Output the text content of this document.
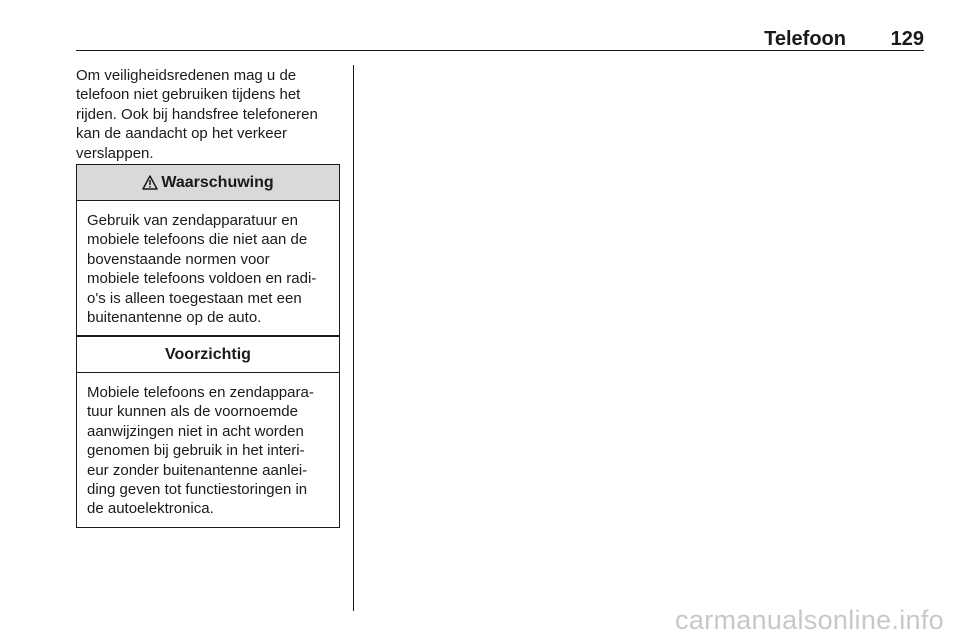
Telefoon 129

Om veiligheidsredenen mag u de
telefoon niet gebruiken tijdens het
rijden. Ook bij handsfree telefoneren
kan de aandacht op het verkeer
verslappen.

Waarschuwing
Gebruik van zendapparatuur en
mobiele telefoons die niet aan de
bovenstaande normen voor
mobiele telefoons voldoen en radi-
o's is alleen toegestaan met een
buitenantenne op de auto.
Voorzichtig
Mobiele telefoons en zendappara-
tuur kunnen als de voornoemde
aanwijzingen niet in acht worden
genomen bij gebruik in het interi-
eur zonder buitenantenne aanlei-
ding geven tot functiestoringen in
de autoelektronica.
carmanualsonline.info
